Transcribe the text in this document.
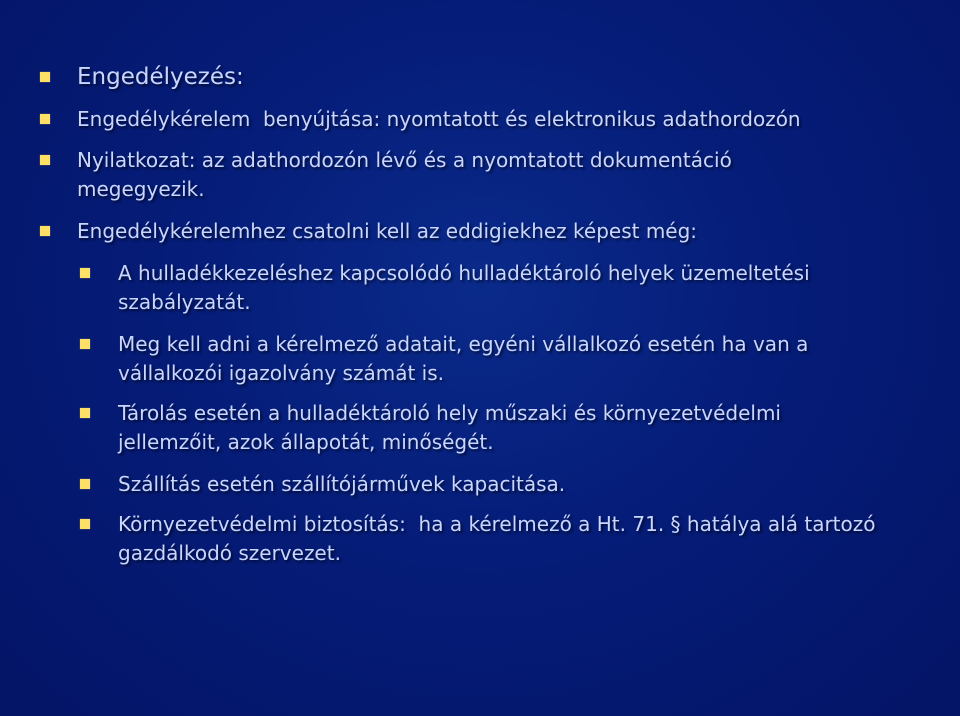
Engedélyezés:
Engedélykérelem  benyújtása: nyomtatott és elektronikus adathordozón
Nyilatkozat: az adathordozón lévő és a nyomtatott dokumentáció megegyezik.
Engedélykérelemhez csatolni kell az eddigiekhez képest még:
A hulladékkezeléshez kapcsolódó hulladéktároló helyek üzemeltetési szabályzatát.
Meg kell adni a kérelmező adatait, egyéni vállalkozó esetén ha van a vállalkozói igazolvány számát is.
Tárolás esetén a hulladéktároló hely műszaki és környezetvédelmi jellemzőit, azok állapotát, minőségét.
Szállítás esetén szállítójárművek kapacitása.
Környezetvédelmi biztosítás:  ha a kérelmező a Ht. 71. § hatálya alá tartozó gazdálkodó szervezet.
